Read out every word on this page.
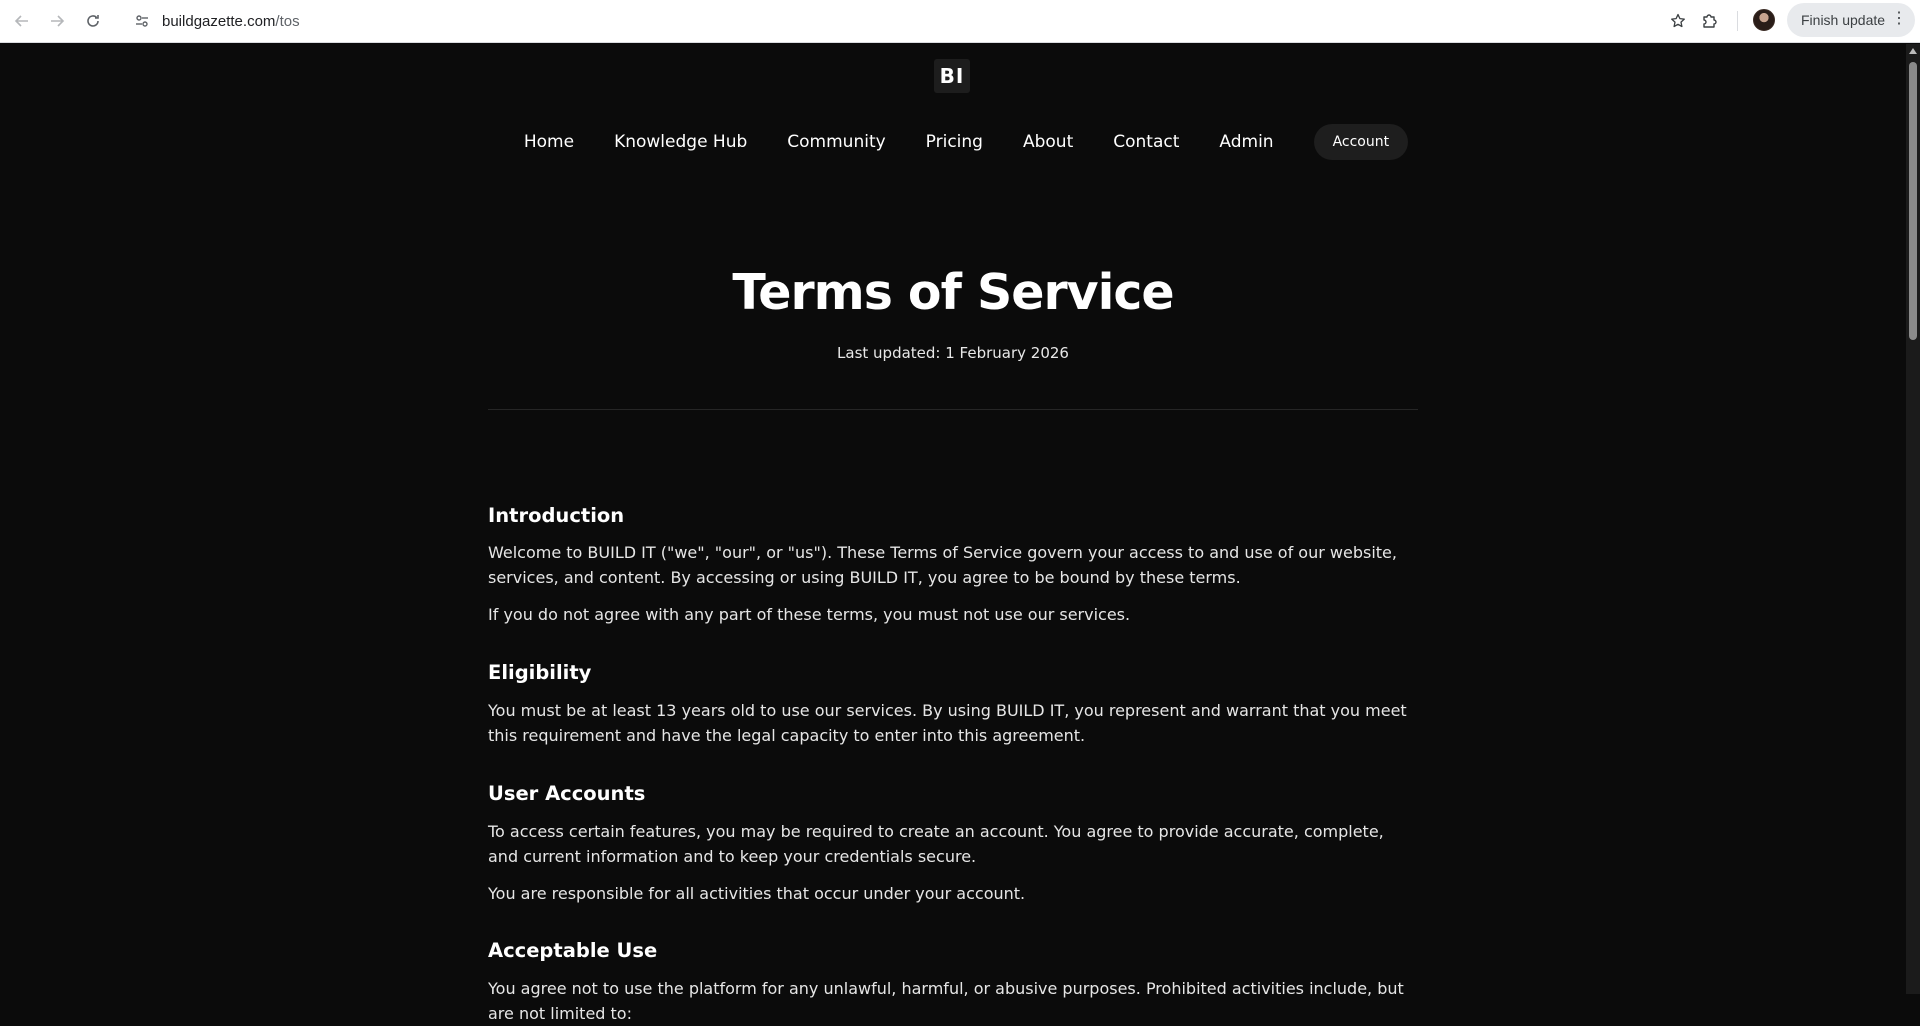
buildgazette.com/tos	Finish update ⋮
BI
Home Knowledge Hub Community Pricing About Contact Admin	Account
Terms of Service
Last updated: 1 February 2026
Introduction

Welcome to BUILD IT ("we", "our", or "us"). These Terms of Service govern your access to and use of our website, services, and content. By accessing or using BUILD IT, you agree to be bound by these terms.

If you do not agree with any part of these terms, you must not use our services.

Eligibility

You must be at least 13 years old to use our services. By using BUILD IT, you represent and warrant that you meet this requirement and have the legal capacity to enter into this agreement.

User Accounts

To access certain features, you may be required to create an account. You agree to provide accurate, complete, and current information and to keep your credentials secure.

You are responsible for all activities that occur under your account.

Acceptable Use

You agree not to use the platform for any unlawful, harmful, or abusive purposes. Prohibited activities include, but are not limited to:
